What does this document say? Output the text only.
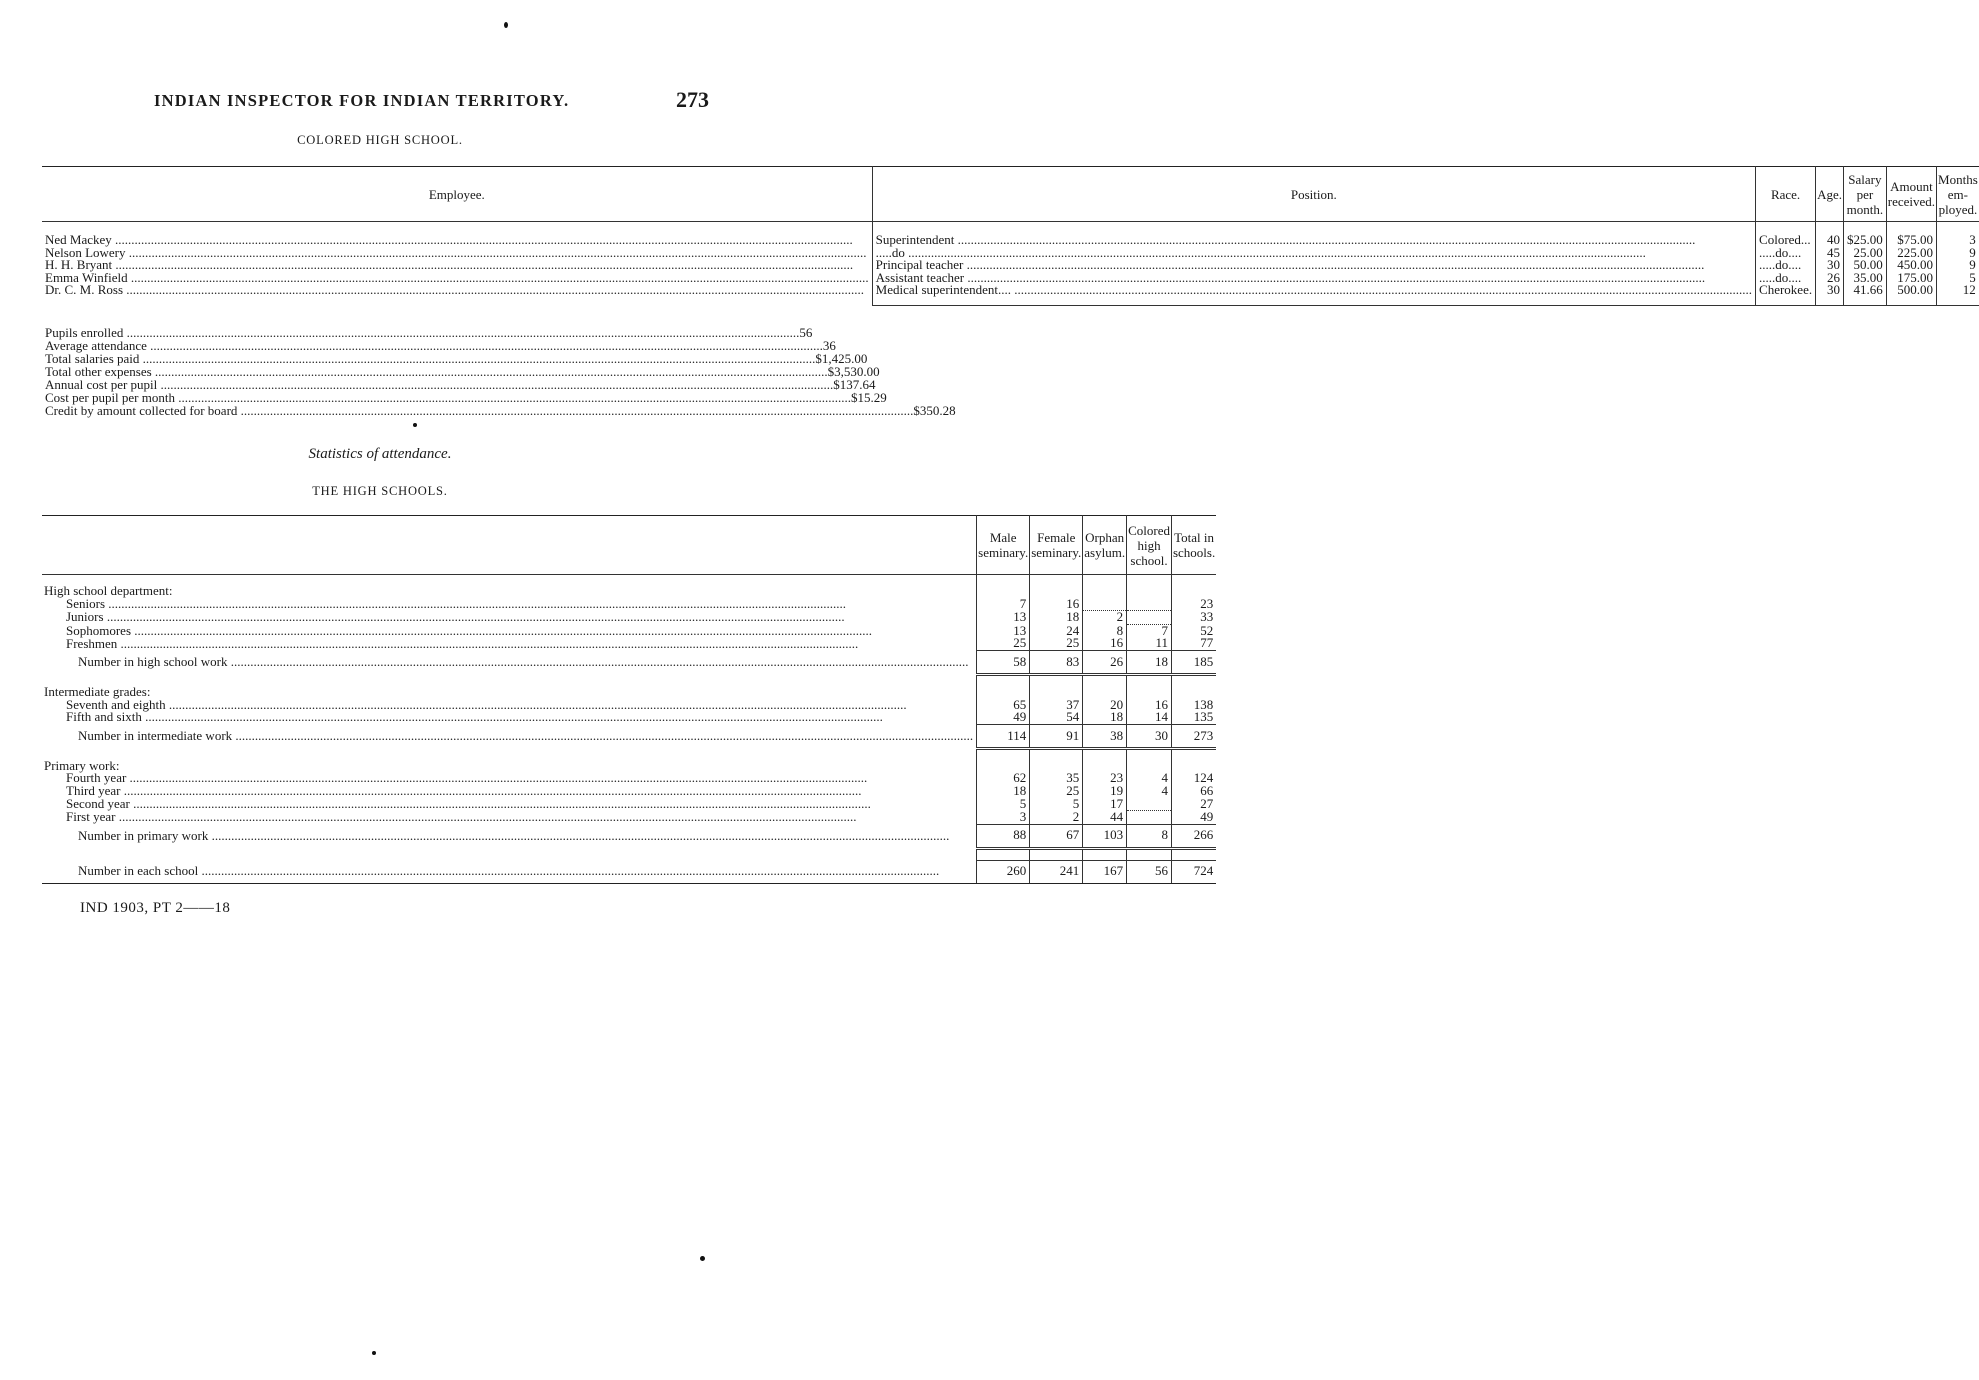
INDIAN INSPECTOR FOR INDIAN TERRITORY.	273
COLORED HIGH SCHOOL.
Employee.	Position.	Race.	Age.	Salary per month.	Amount received.	Months em- ployed.

Ned Mackey .....	Superintendent .....	Colored...	40	$25.00	$75.00	3
Nelson Lowery .....	.....do .....	.....do....	45	25.00	225.00	9
H. H. Bryant .....	Principal teacher .....	.....do....	30	50.00	450.00	9
Emma Winfield .....	Assistant teacher .....	.....do....	26	35.00	175.00	5
Dr. C. M. Ross .....	Medical superintendent.... .....	Cherokee.	30	41.66	500.00	12

Pupils enrolled .....	56
Average attendance .....	36
Total salaries paid .....	$1,425.00
Total other expenses .....	$3,530.00
Annual cost per pupil .....	$137.64
Cost per pupil per month .....	$15.29
Credit by amount collected for board .....	$350.28
Statistics of attendance.
THE HIGH SCHOOLS.
	Male seminary.	Female seminary.	Orphan asylum.	Colored high school.	Total in schools.

High school department:					
Seniors .....	7	16			23
Juniors .....	13	18	2		33
Sophomores .....	13	24	8	7	52
Freshmen .....	25	25	16	11	77
Number in high school work .....	58	83	26	18	185

Intermediate grades:					
Seventh and eighth .....	65	37	20	16	138
Fifth and sixth .....	49	54	18	14	135
Number in intermediate work .....	114	91	38	30	273

Primary work:					
Fourth year .....	62	35	23	4	124
Third year .....	18	25	19	4	66
Second year .....	5	5	17		27
First year .....	3	2	44		49
Number in primary work .....	88	67	103	8	266

Number in each school .....	260	241	167	56	724
IND 1903, PT 2——18
